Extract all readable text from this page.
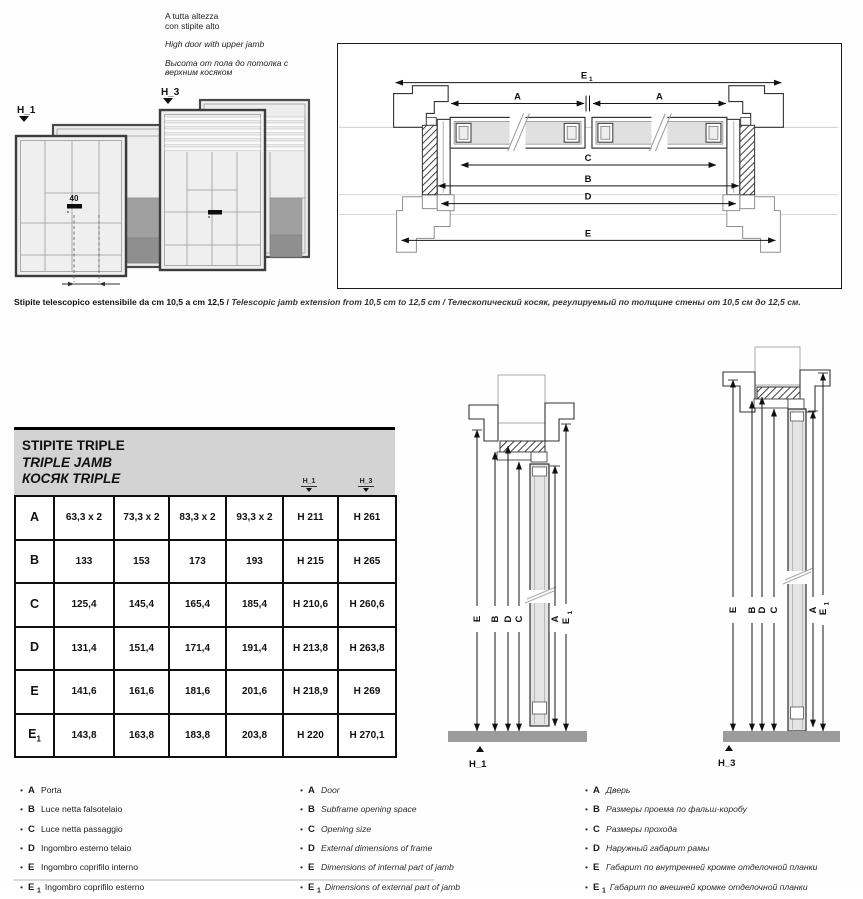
A tutta altezza
con stipite alto
High door with upper jamb
Высота от пола до потолка с
верхним косяком
H_1
40
H_3
E 1
A	A
C
B
D
E
Stipite telescopico estensibile da cm 10,5 a cm 12,5 / Telescopic jamb extension from 10,5 cm to 12,5 cm / Телескопический косяк, регулируемый по толщине стены от 10,5 см до 12,5 см.
STIPITE TRIPLE
TRIPLE JAMB
КОСЯК TRIPLE	H_1	H_3
A	63,3 x 2	73,3 x 2	83,3 x 2	93,3 x 2	H 211	H 261
B	133	153	173	193	H 215	H 265
C	125,4	145,4	165,4	185,4	H 210,6	H 260,6
D	131,4	151,4	171,4	191,4	H 213,8	H 263,8
E	141,6	161,6	181,6	201,6	H 218,9	H 269
$E_1$	143,8	163,8	183,8	203,8	H 220	H 270,1
E B D C	A E
1
H_1
E B D C	A E
1
H_3
•A Porta
•B Luce netta falsotelaio
•C Luce netta passaggio
•D Ingombro esterno telaio
•E Ingombro coprifilo interno
•E $_1$ Ingombro coprifilo esterno
•A Door
•B Subframe opening space
•C Opening size
•D External dimensions of frame
•E Dimensions of internal part of jamb
•E $_1$ Dimensions of external part of jamb
•A Дверь
•B Размеры проема по фальш-коробу
•C Размеры прохода
•D Наружный габарит рамы
•E Габарит по внутренней кромке отделочной планки
•E $_1$ Габарит по внешней кромке отделочной планки
